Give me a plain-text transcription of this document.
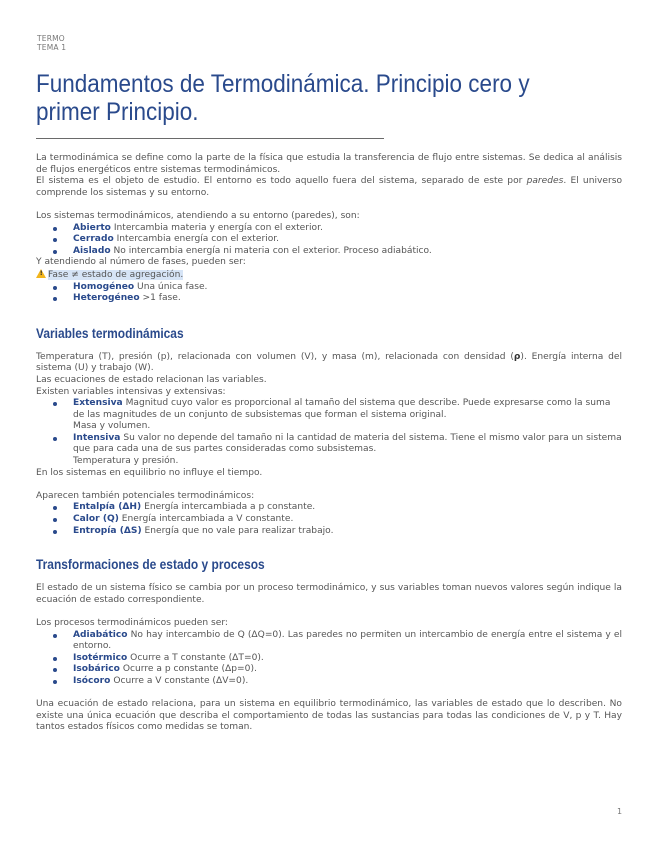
TERMO
TEMA 1
Fundamentos de Termodinámica. Principio cero y primer Principio.

La termodinámica se define como la parte de la física que estudia la transferencia de flujo entre sistemas. Se dedica al análisis de flujos energéticos entre sistemas termodinámicos.

El sistema es el objeto de estudio. El entorno es todo aquello fuera del sistema, separado de este por paredes. El universo comprende los sistemas y su entorno.

Los sistemas termodinámicos, atendiendo a su entorno (paredes), son:

Abierto Intercambia materia y energía con el exterior.
Cerrado Intercambia energía con el exterior.
Aislado No intercambia energía ni materia con el exterior. Proceso adiabático.

Y atendiendo al número de fases, pueden ser:

!Fase ≠ estado de agregación.

Homogéneo Una única fase.
Heterogéneo >1 fase.
Variables termodinámicas

Temperatura (T), presión (p), relacionada con volumen (V), y masa (m), relacionada con densidad (ρ). Energía interna del sistema (U) y trabajo (W).

Las ecuaciones de estado relacionan las variables.

Existen variables intensivas y extensivas:

Extensiva Magnitud cuyo valor es proporcional al tamaño del sistema que describe. Puede expresarse como la suma de las magnitudes de un conjunto de subsistemas que forman el sistema original.
Masa y volumen.
Intensiva Su valor no depende del tamaño ni la cantidad de materia del sistema. Tiene el mismo valor para un sistema que para cada una de sus partes consideradas como subsistemas.
Temperatura y presión.

En los sistemas en equilibrio no influye el tiempo.

Aparecen también potenciales termodinámicos:

Entalpía (ΔH) Energía intercambiada a p constante.
Calor (Q) Energía intercambiada a V constante.
Entropía (ΔS) Energía que no vale para realizar trabajo.
Transformaciones de estado y procesos

El estado de un sistema físico se cambia por un proceso termodinámico, y sus variables toman nuevos valores según indique la ecuación de estado correspondiente.

Los procesos termodinámicos pueden ser:

Adiabático No hay intercambio de Q (ΔQ=0). Las paredes no permiten un intercambio de energía entre el sistema y el entorno.
Isotérmico Ocurre a T constante (ΔT=0).
Isobárico Ocurre a p constante (Δp=0).
Isócoro Ocurre a V constante (ΔV=0).

Una ecuación de estado relaciona, para un sistema en equilibrio termodinámico, las variables de estado que lo describen. No existe una única ecuación que describa el comportamiento de todas las sustancias para todas las condiciones de V, p y T. Hay tantos estados físicos como medidas se toman.

1
